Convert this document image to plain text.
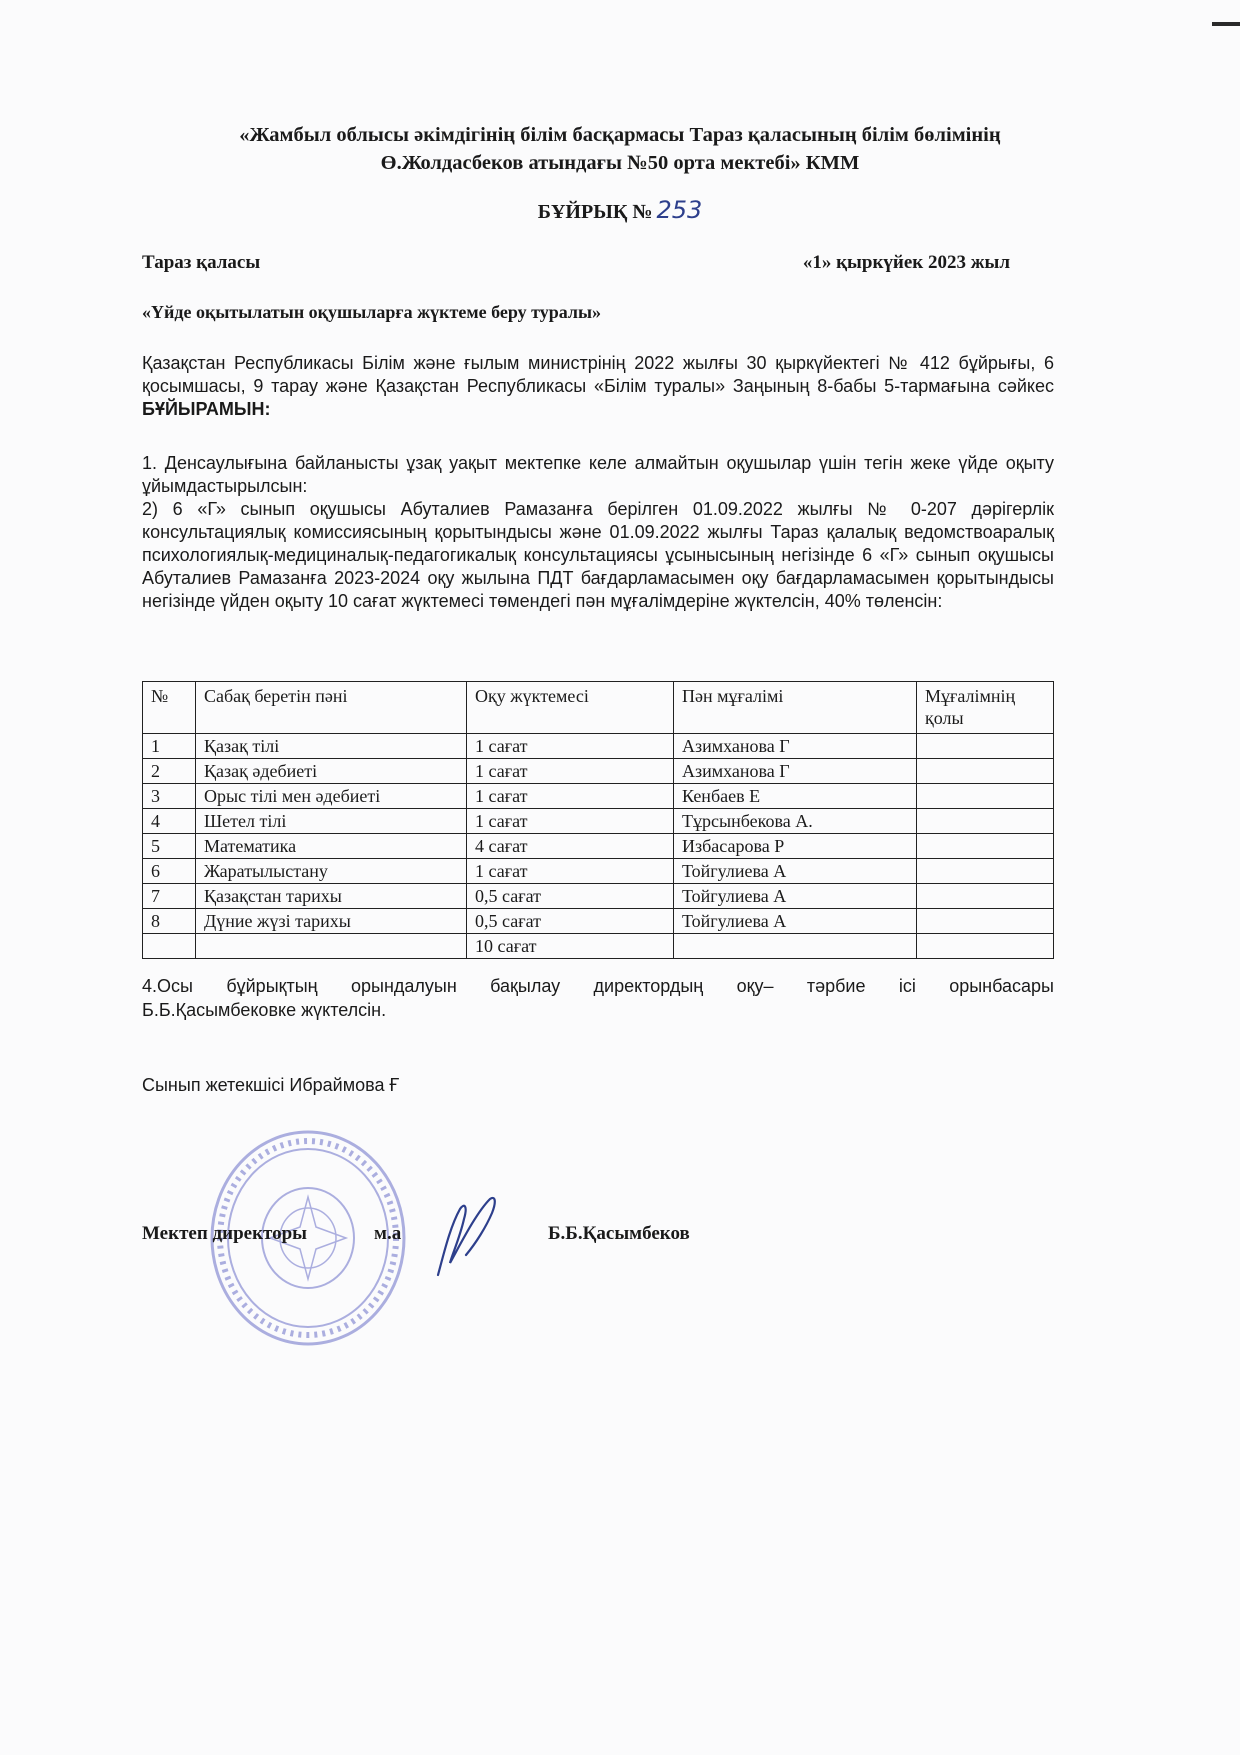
«Жамбыл облысы әкімдігінің білім басқармасы Тараз қаласының білім бөлімінің
Ө.Жолдасбеков атындағы №50 орта мектебі» КММ
БҰЙРЫҚ № 253
Тараз қаласы	«1» қыркүйек 2023 жыл
«Үйде оқытылатын оқушыларға жүктеме беру туралы»
Қазақстан Республикасы Білім және ғылым министрінің 2022 жылғы 30 қыркүйектегі № 412 бұйрығы, 6 қосымшасы, 9 тарау және Қазақстан Республикасы «Білім туралы» Заңының 8-бабы 5-тармағына сәйкес БҰЙЫРАМЫН:

1. Денсаулығына байланысты ұзақ уақыт мектепке келе алмайтын оқушылар үшін тегін жеке үйде оқыту ұйымдастырылсын:

2) 6 «Г» сынып оқушысы Абуталиев Рамазанға берілген 01.09.2022 жылғы № 0-207 дәрігерлік консультациялық комиссиясының қорытындысы және 01.09.2022 жылғы Тараз қалалық ведомствоаралық психологиялық-медициналық-педагогикалық консультациясы ұсынысының негізінде 6 «Г» сынып оқушысы Абуталиев Рамазанға 2023-2024 оқу жылына ПДТ бағдарламасымен оқу бағдарламасымен қорытындысы негізінде үйден оқыту 10 сағат жүктемесі төмендегі пән мұғалімдеріне жүктелсін, 40% төленсін:

№	Сабақ беретін пәні	Оқу жүктемесі	Пән мұғалімі	Мұғалімнің қолы
1	Қазақ тілі	1 сағат	Азимханова Г	
2	Қазақ әдебиеті	1 сағат	Азимханова Г	
3	Орыс тілі мен әдебиеті	1 сағат	Кенбаев Е	
4	Шетел тілі	1 сағат	Тұрсынбекова А.	
5	Математика	4 сағат	Избасарова Р	
6	Жаратылыстану	1 сағат	Тойгулиева А	
7	Қазақстан тарихы	0,5 сағат	Тойгулиева А	
8	Дүние жүзі тарихы	0,5 сағат	Тойгулиева А	
		10 сағат		
4.Осы бұйрықтың орындалуын бақылау директордың оқу– тәрбие ісі орынбасары
Б.Б.Қасымбековке жүктелсін.
Сынып жетекшісі Ибраймова Ғ
Мектеп директоры	м.а	Б.Б.Қасымбеков
